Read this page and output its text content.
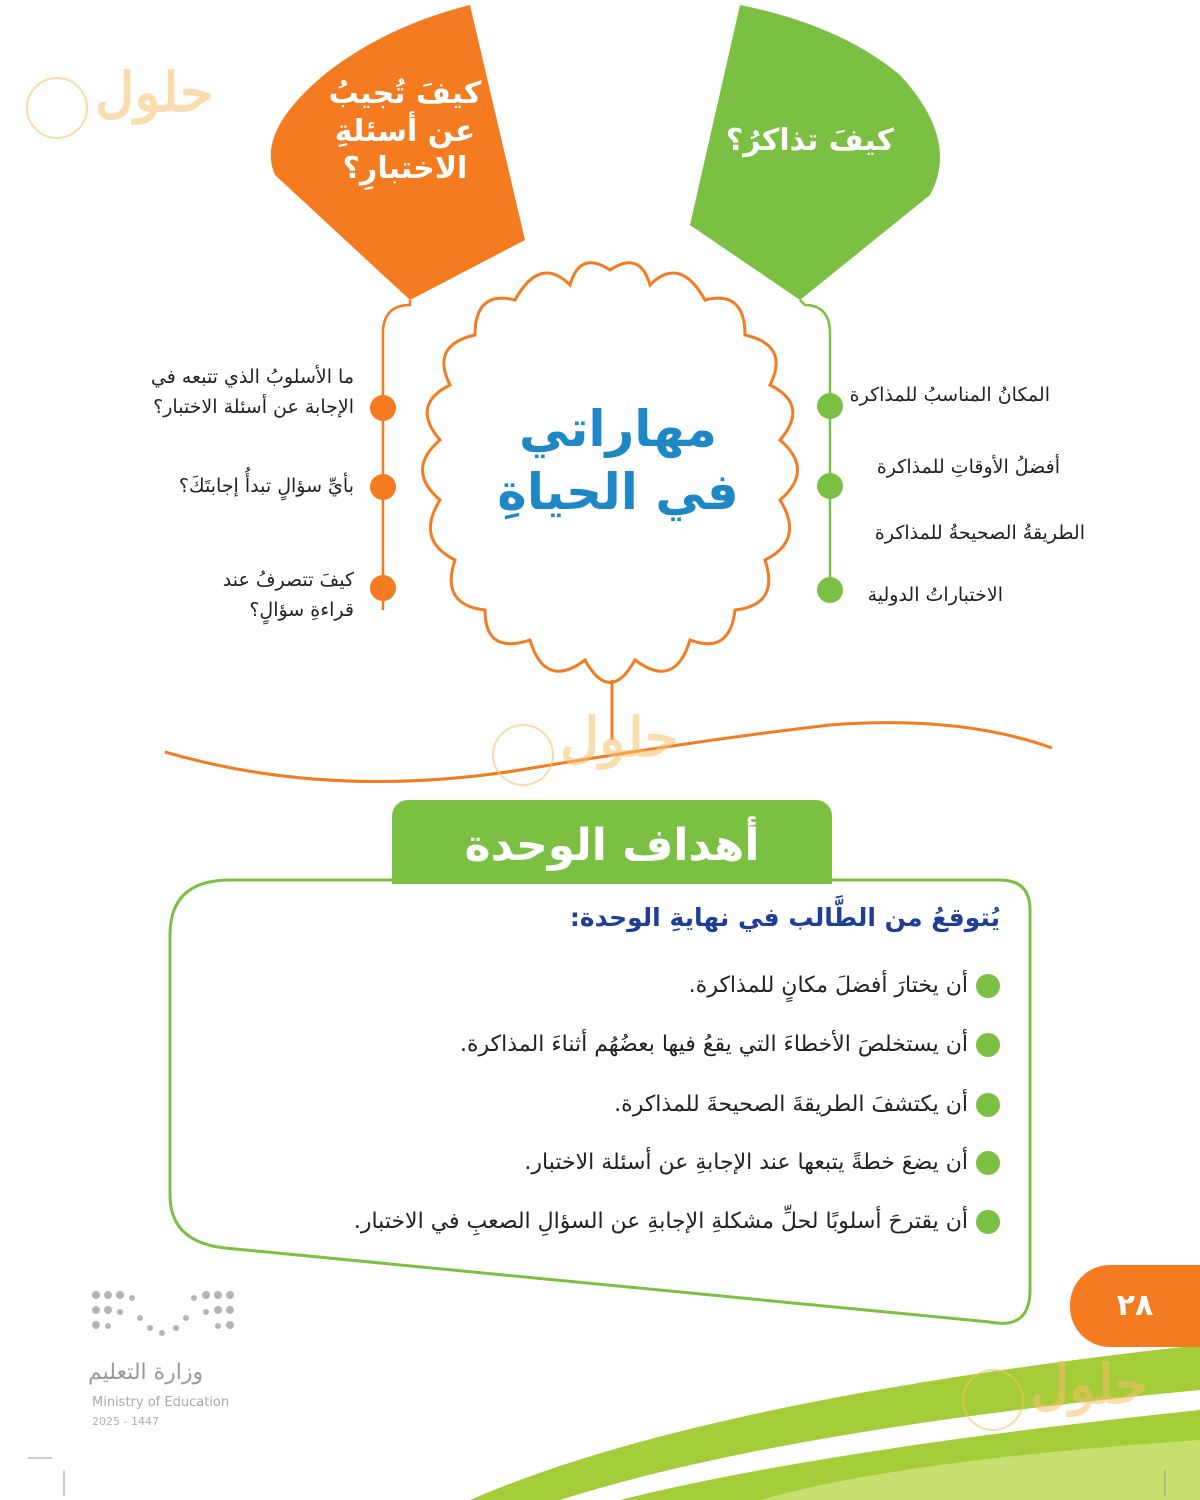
حلول
حلول
حلول
كيفَ تُجيبُ
عن أسئلةِ
الاختبارِ؟
كيفَ تذاكرُ؟
ما الأسلوبُ الذي تتبعه في
الإجابة عن أسئلة الاختبار؟
بأيِّ سؤالٍ تبدأُ إجابتَكَ؟
كيفَ تتصرفُ عند
قراءةِ سؤالٍ؟
المكانُ المناسبُ للمذاكرة
أفضلُ الأوقاتِ للمذاكرة
الطريقةُ الصحيحةُ للمذاكرة
الاختباراتُ الدولية
مهاراتي
في الحياةِ
أهداف الوحدة
يُتوقعُ من الطَّالب في نهايةِ الوحدة:
أن يختارَ أفضلَ مكانٍ للمذاكرة.
أن يستخلصَ الأخطاءَ التي يقعُ فيها بعضُهُم أثناءَ المذاكرة.
أن يكتشفَ الطريقةَ الصحيحةَ للمذاكرة.
أن يضعَ خطةً يتبعها عند الإجابةِ عن أسئلة الاختبار.
أن يقترحَ أسلوبًا لحلِّ مشكلةِ الإجابةِ عن السؤالِ الصعبِ في الاختبار.
٢٨
وزارة التعليم
Ministry of Education
2025 - 1447
